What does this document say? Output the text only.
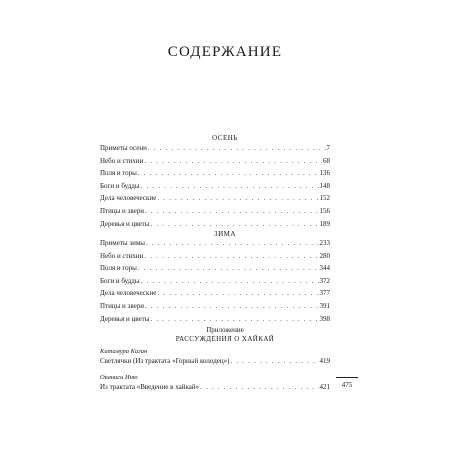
СОДЕРЖАНИЕ
ОСЕНЬ
Приметы осени . . .	7
Небо и стихии . . .	68
Поля и горы . . .	136
Боги и будды . . .	148
Дела человеческие . . .	152
Птицы и звери . . .	156
Деревья и цветы . . .	189
ЗИМА
Приметы зимы . . .	233
Небо и стихии . . .	280
Поля и горы . . .	344
Боги и будды . . .	372
Дела человеческие . . .	377
Птицы и звери . . .	391
Деревья и цветы . . .	398
Приложение
РАССУЖДЕНИЯ О ХАЙКАЙ
Китамура Кигин
Светлячки (Из трактата «Горный колодец») . . .	419
Оканиси Иню
Из трактата «Введение в хайкай» . . .	421	475
